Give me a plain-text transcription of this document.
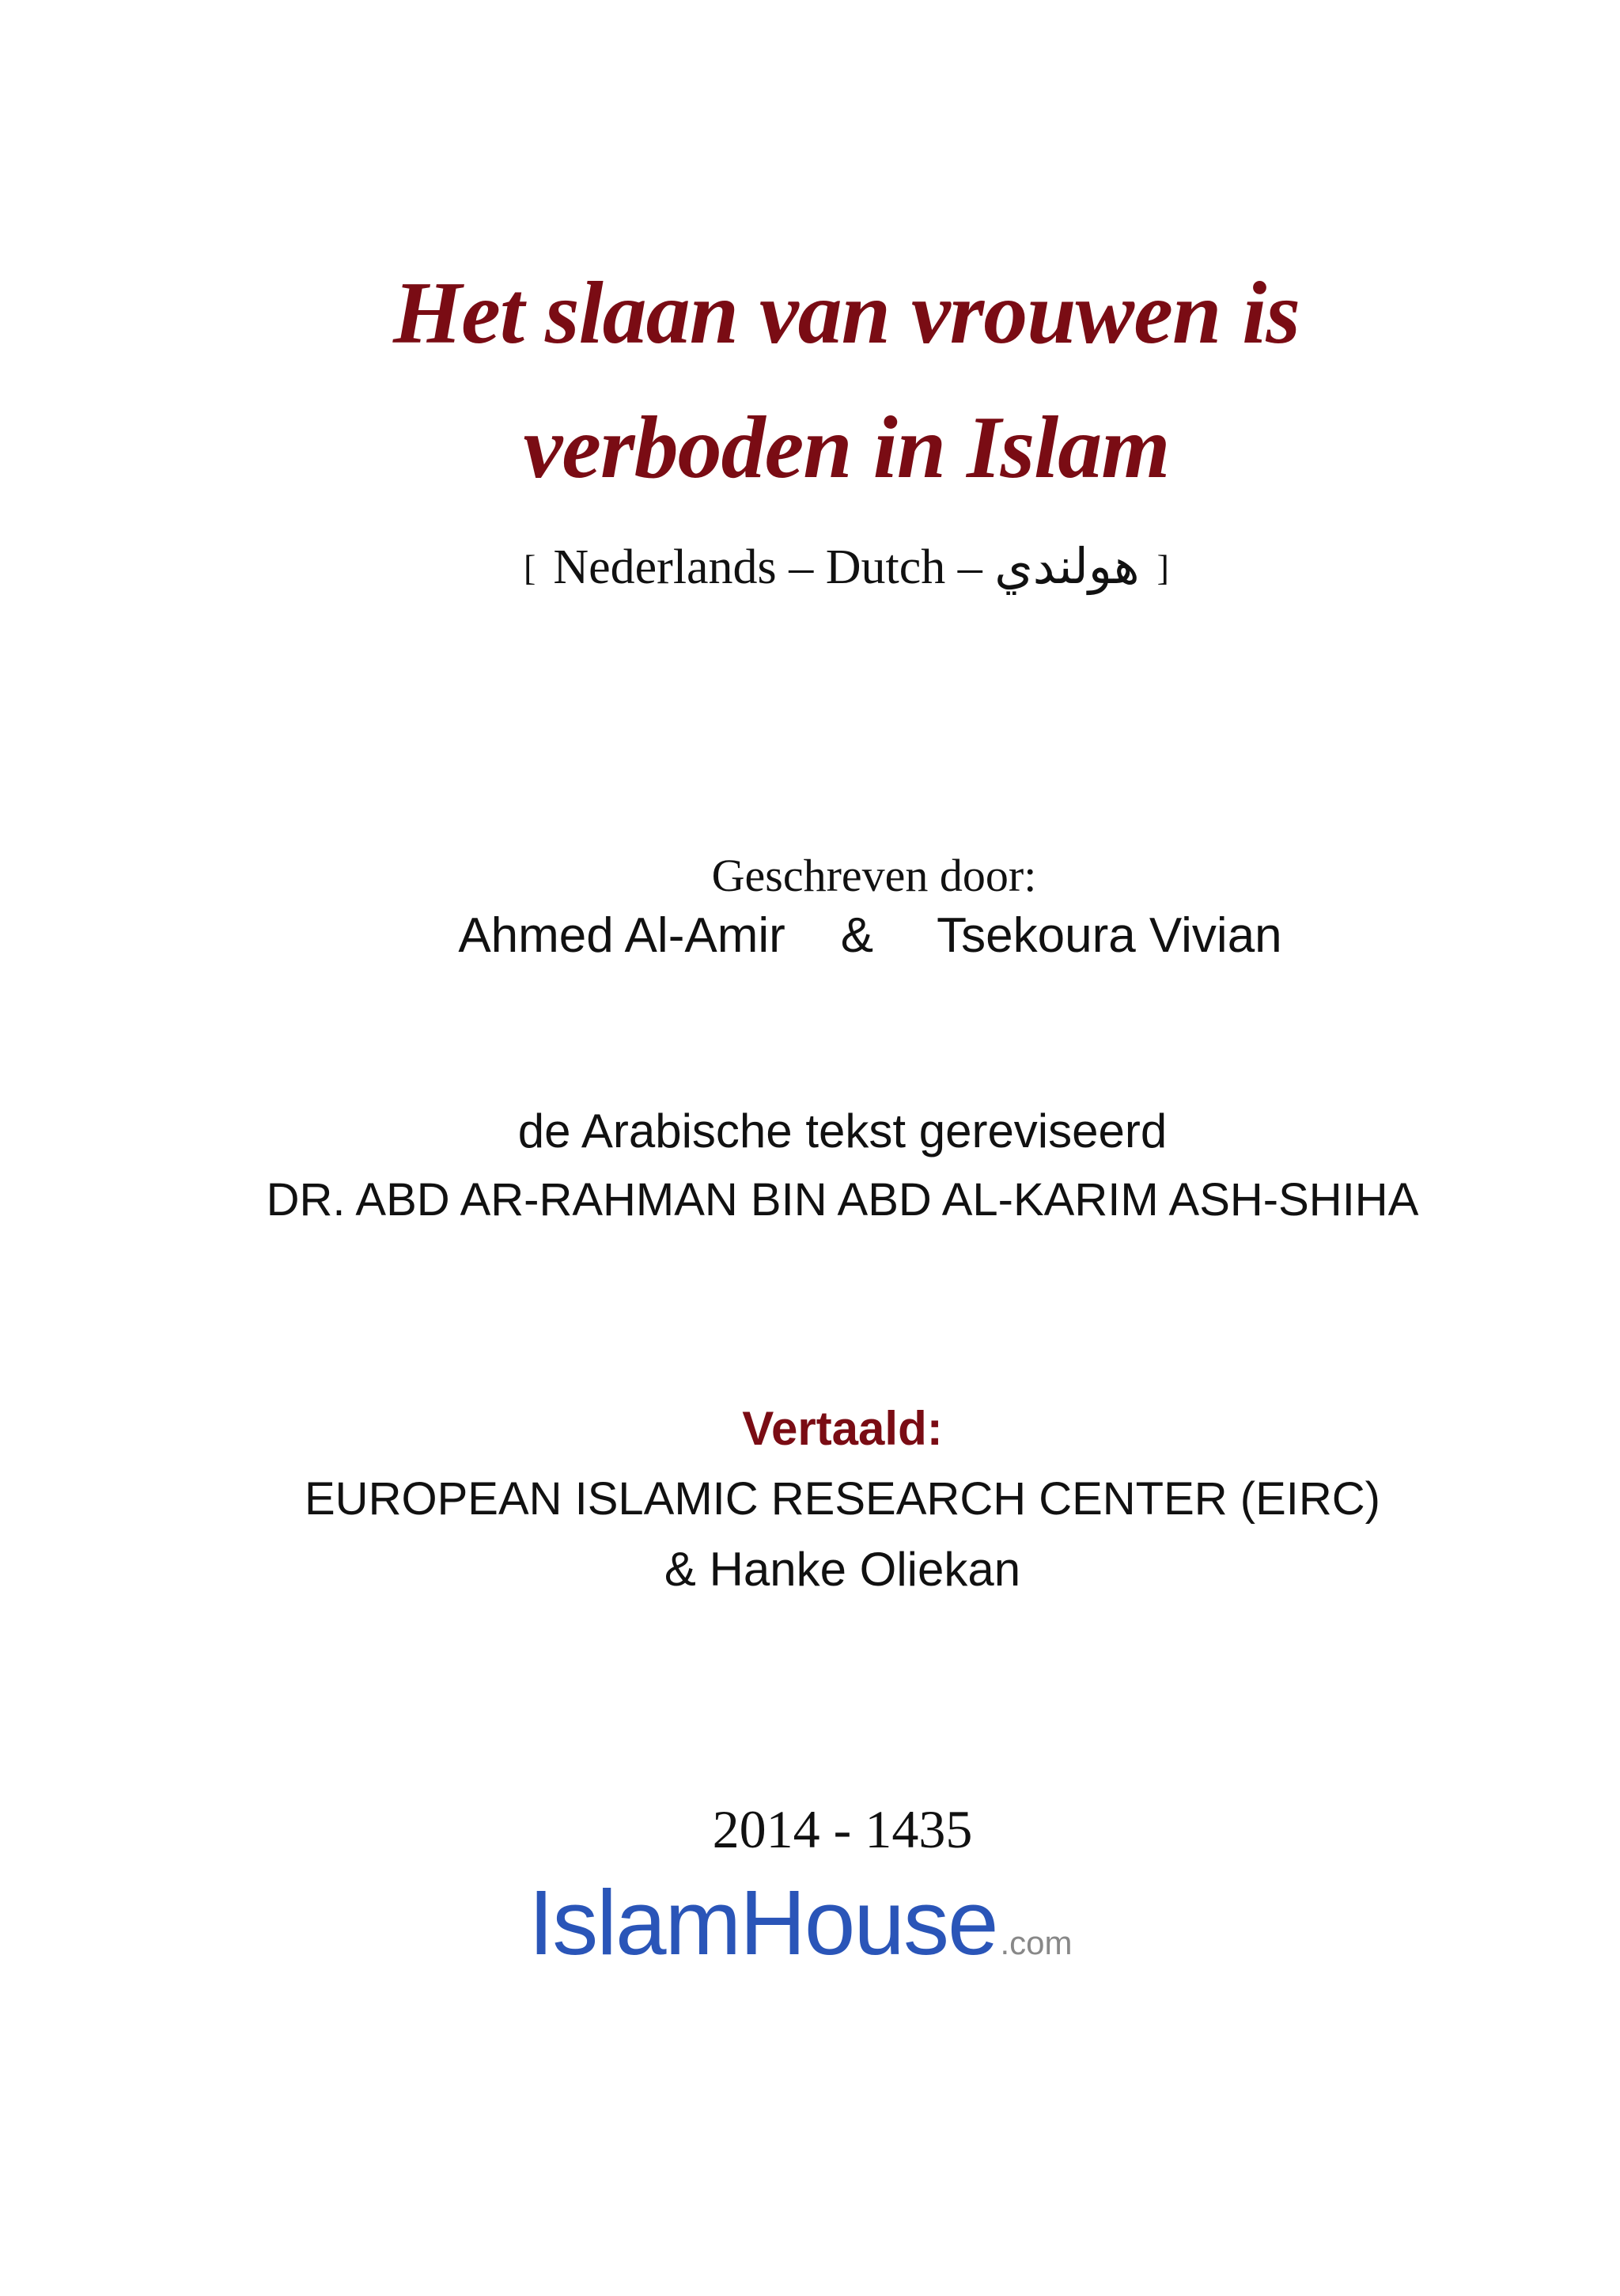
Het slaan van vrouwen is
verboden in Islam
[ Nederlands – Dutch – هولندي ]
Geschreven door:
Ahmed Al-Amir & Tsekoura Vivian
de Arabische tekst gereviseerd
DR. ABD AR-RAHMAN BIN ABD AL-KARIM ASH-SHIHA
Vertaald:
EUROPEAN ISLAMIC RESEARCH CENTER (EIRC)
& Hanke Oliekan
2014 - 1435
IslamHouse.com
